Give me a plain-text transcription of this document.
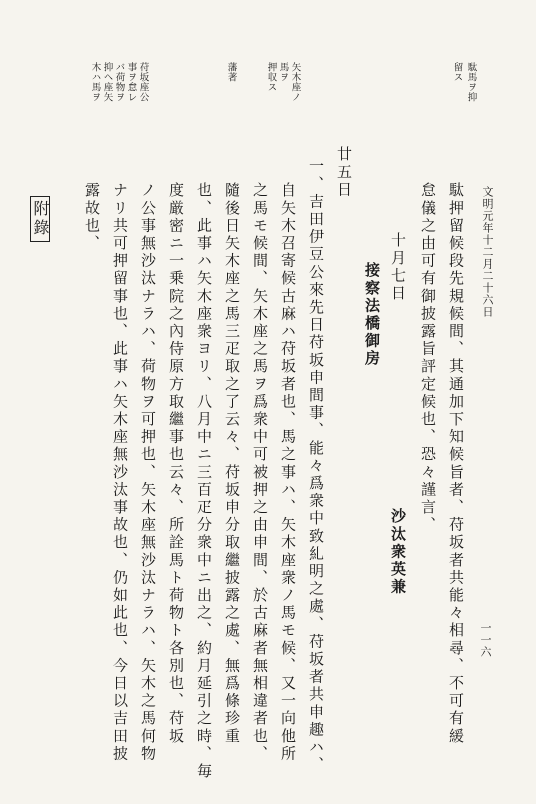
一一六
文明元年十二月二十六日
駄押留候段先規候間、其通加下知候旨者、苻坂者共能々相尋、不可有緩
怠儀之由可有御披露旨評定候也、恐々謹言、
十月七日
沙汰衆英兼
接察法橋御房
廿五日
一、吉田伊豆公來先日苻坂申間事、能々爲衆中致糺明之處、苻坂者共申趣ハ、
自矢木召寄候古麻ハ苻坂者也、馬之事ハ、矢木座衆ノ馬モ候、又一向他所
之馬モ候間、矢木座之馬ヲ爲衆中可被押之由申間、於古麻者無相違者也、
隨後日矢木座之馬三疋取之了云々、苻坂申分取繼披露之處、無爲條珍重
也、此事ハ矢木座衆ヨリ、八月中ニ三百疋分衆中ニ出之、約月延引之時、毎
度厳密ニ一乗院之內侍原方取繼事也云々、所詮馬ト荷物ト各別也、苻坂
ノ公事無沙汰ナラハ、荷物ヲ可押也、矢木座無沙汰ナラハ、矢木之馬何物
ナリ共可押留事也、此事ハ矢木座無沙汰事故也、仍如此也、今日以吉田披
露故也、
附錄
駄馬ヲ抑
留ス
矢木座ノ
馬ヲ
押収ス
藩著
苻坂座公
事ヲ怠レ
バ荷物ヲ
抑ヘ座矢
木ハ馬ヲ
